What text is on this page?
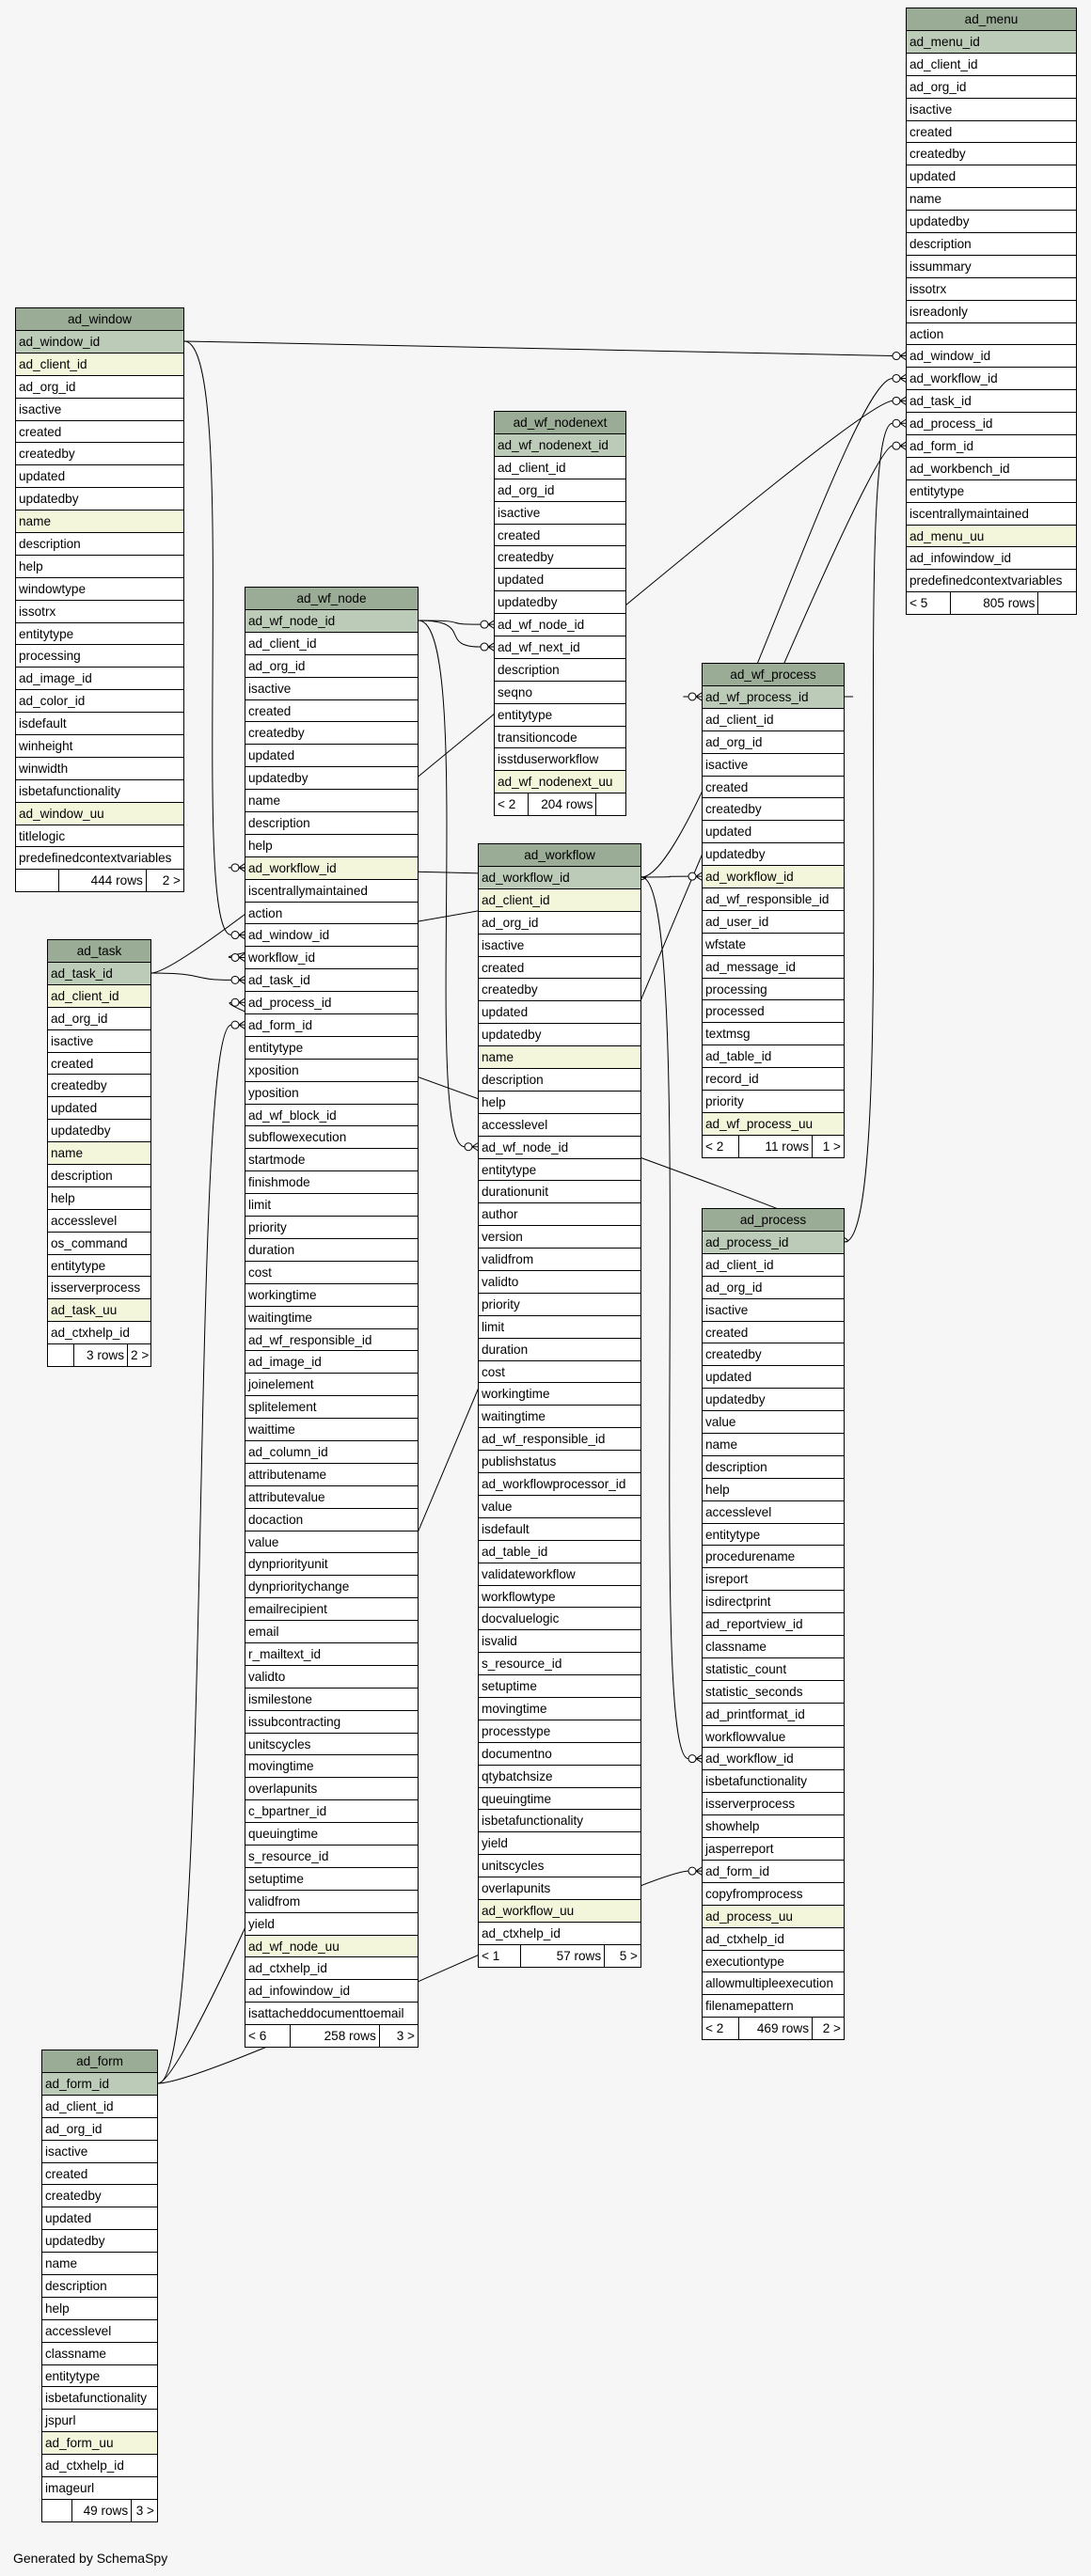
ad_menu
ad_menu_id
ad_client_id
ad_org_id
isactive
created
createdby
updated
name
updatedby
description
issummary
issotrx
isreadonly
action
ad_window_id
ad_workflow_id
ad_task_id
ad_process_id
ad_form_id
ad_workbench_id
entitytype
iscentrallymaintained
ad_menu_uu
ad_infowindow_id
predefinedcontextvariables
< 5	805 rows
ad_window
ad_window_id
ad_client_id
ad_org_id
isactive
created
createdby
updated
updatedby
name
description
help
windowtype
issotrx
entitytype
processing
ad_image_id
ad_color_id
isdefault
winheight
winwidth
isbetafunctionality
ad_window_uu
titlelogic
predefinedcontextvariables
444 rows	2 >
ad_wf_nodenext
ad_wf_nodenext_id
ad_client_id
ad_org_id
isactive
created
createdby
updated
updatedby
ad_wf_node_id
ad_wf_next_id
description
seqno
entitytype
transitioncode
isstduserworkflow
ad_wf_nodenext_uu
< 2	204 rows
ad_wf_node
ad_wf_node_id
ad_client_id
ad_org_id
isactive
created
createdby
updated
updatedby
name
description
help
ad_workflow_id
iscentrallymaintained
action
ad_window_id
workflow_id
ad_task_id
ad_process_id
ad_form_id
entitytype
xposition
yposition
ad_wf_block_id
subflowexecution
startmode
finishmode
limit
priority
duration
cost
workingtime
waitingtime
ad_wf_responsible_id
ad_image_id
joinelement
splitelement
waittime
ad_column_id
attributename
attributevalue
docaction
value
dynpriorityunit
dynprioritychange
emailrecipient
email
r_mailtext_id
validto
ismilestone
issubcontracting
unitscycles
movingtime
overlapunits
c_bpartner_id
queuingtime
s_resource_id
setuptime
validfrom
yield
ad_wf_node_uu
ad_ctxhelp_id
ad_infowindow_id
isattacheddocumenttoemail
< 6	258 rows	3 >
ad_task
ad_task_id
ad_client_id
ad_org_id
isactive
created
createdby
updated
updatedby
name
description
help
accesslevel
os_command
entitytype
isserverprocess
ad_task_uu
ad_ctxhelp_id
3 rows 2 >
ad_workflow
ad_workflow_id
ad_client_id
ad_org_id
isactive
created
createdby
updated
updatedby
name
description
help
accesslevel
ad_wf_node_id
entitytype
durationunit
author
version
validfrom
validto
priority
limit
duration
cost
workingtime
waitingtime
ad_wf_responsible_id
publishstatus
ad_workflowprocessor_id
value
isdefault
ad_table_id
validateworkflow
workflowtype
docvaluelogic
isvalid
s_resource_id
setuptime
movingtime
processtype
documentno
qtybatchsize
queuingtime
isbetafunctionality
yield
unitscycles
overlapunits
ad_workflow_uu
ad_ctxhelp_id
< 1	57 rows	5 >
ad_wf_process
ad_wf_process_id
ad_client_id
ad_org_id
isactive
created
createdby
updated
updatedby
ad_workflow_id
ad_wf_responsible_id
ad_user_id
wfstate
ad_message_id
processing
processed
textmsg
ad_table_id
record_id
priority
ad_wf_process_uu
< 2	11 rows	1 >
ad_process
ad_process_id
ad_client_id
ad_org_id
isactive
created
createdby
updated
updatedby
value
name
description
help
accesslevel
entitytype
procedurename
isreport
isdirectprint
ad_reportview_id
classname
statistic_count
statistic_seconds
ad_printformat_id
workflowvalue
ad_workflow_id
isbetafunctionality
isserverprocess
showhelp
jasperreport
ad_form_id
copyfromprocess
ad_process_uu
ad_ctxhelp_id
executiontype
allowmultipleexecution
filenamepattern
< 2	469 rows	2 >
ad_form
ad_form_id
ad_client_id
ad_org_id
isactive
created
createdby
updated
updatedby
name
description
help
accesslevel
classname
entitytype
isbetafunctionality
jspurl
ad_form_uu
ad_ctxhelp_id
imageurl
49 rows 3 >
Generated by SchemaSpy
